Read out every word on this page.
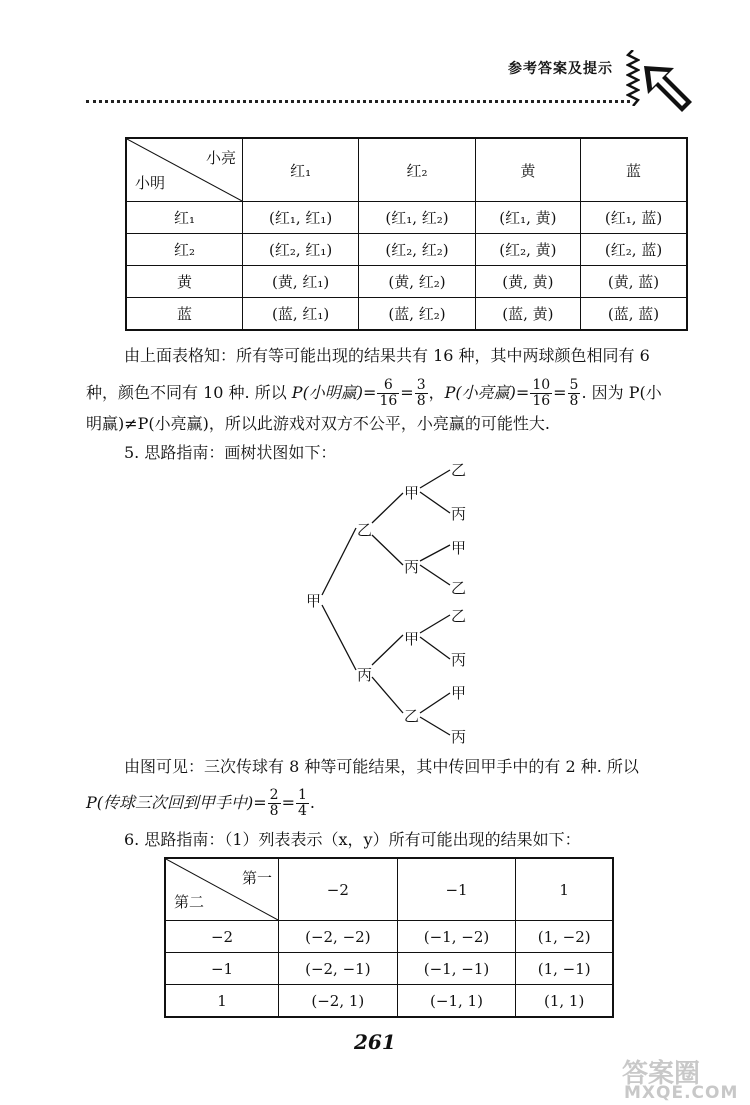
参考答案及提示
小亮
小明	红₁	红₂	黄	蓝
红₁	(红₁, 红₁)	(红₁, 红₂)	(红₁, 黄)	(红₁, 蓝)
红₂	(红₂, 红₁)	(红₂, 红₂)	(红₂, 黄)	(红₂, 蓝)
黄	(黄, 红₁)	(黄, 红₂)	(黄, 黄)	(黄, 蓝)
蓝	(蓝, 红₁)	(蓝, 红₂)	(蓝, 黄)	(蓝, 蓝)
由上面表格知：所有等可能出现的结果共有 16 种，其中两球颜色相同有 6
种，颜色不同有 10 种. 所以 P(小明赢)= $\frac{6}{16} = \frac{3}{8}$ ，P(小亮赢)= $\frac{10}{16} = \frac{5}{8}$ . 因为 P(小
明赢)≠P(小亮赢)，所以此游戏对双方不公平，小亮赢的可能性大.
5. 思路指南：画树状图如下：
甲
乙
丙
甲
丙
甲
乙
乙
丙
甲
乙
乙
丙
甲
丙
由图可见：三次传球有 8 种等可能结果，其中传回甲手中的有 2 种. 所以
P(传球三次回到甲手中)= $\frac{2}{8} = \frac{1}{4}$ .
6. 思路指南：（1）列表表示（x，y）所有可能出现的结果如下：
第一
第二	−2	−1	1
−2	(−2, −2)	(−1, −2)	(1, −2)
−1	(−2, −1)	(−1, −1)	(1, −1)
1	(−2, 1)	(−1, 1)	(1, 1)
261
答案圈
MXQE.COM
